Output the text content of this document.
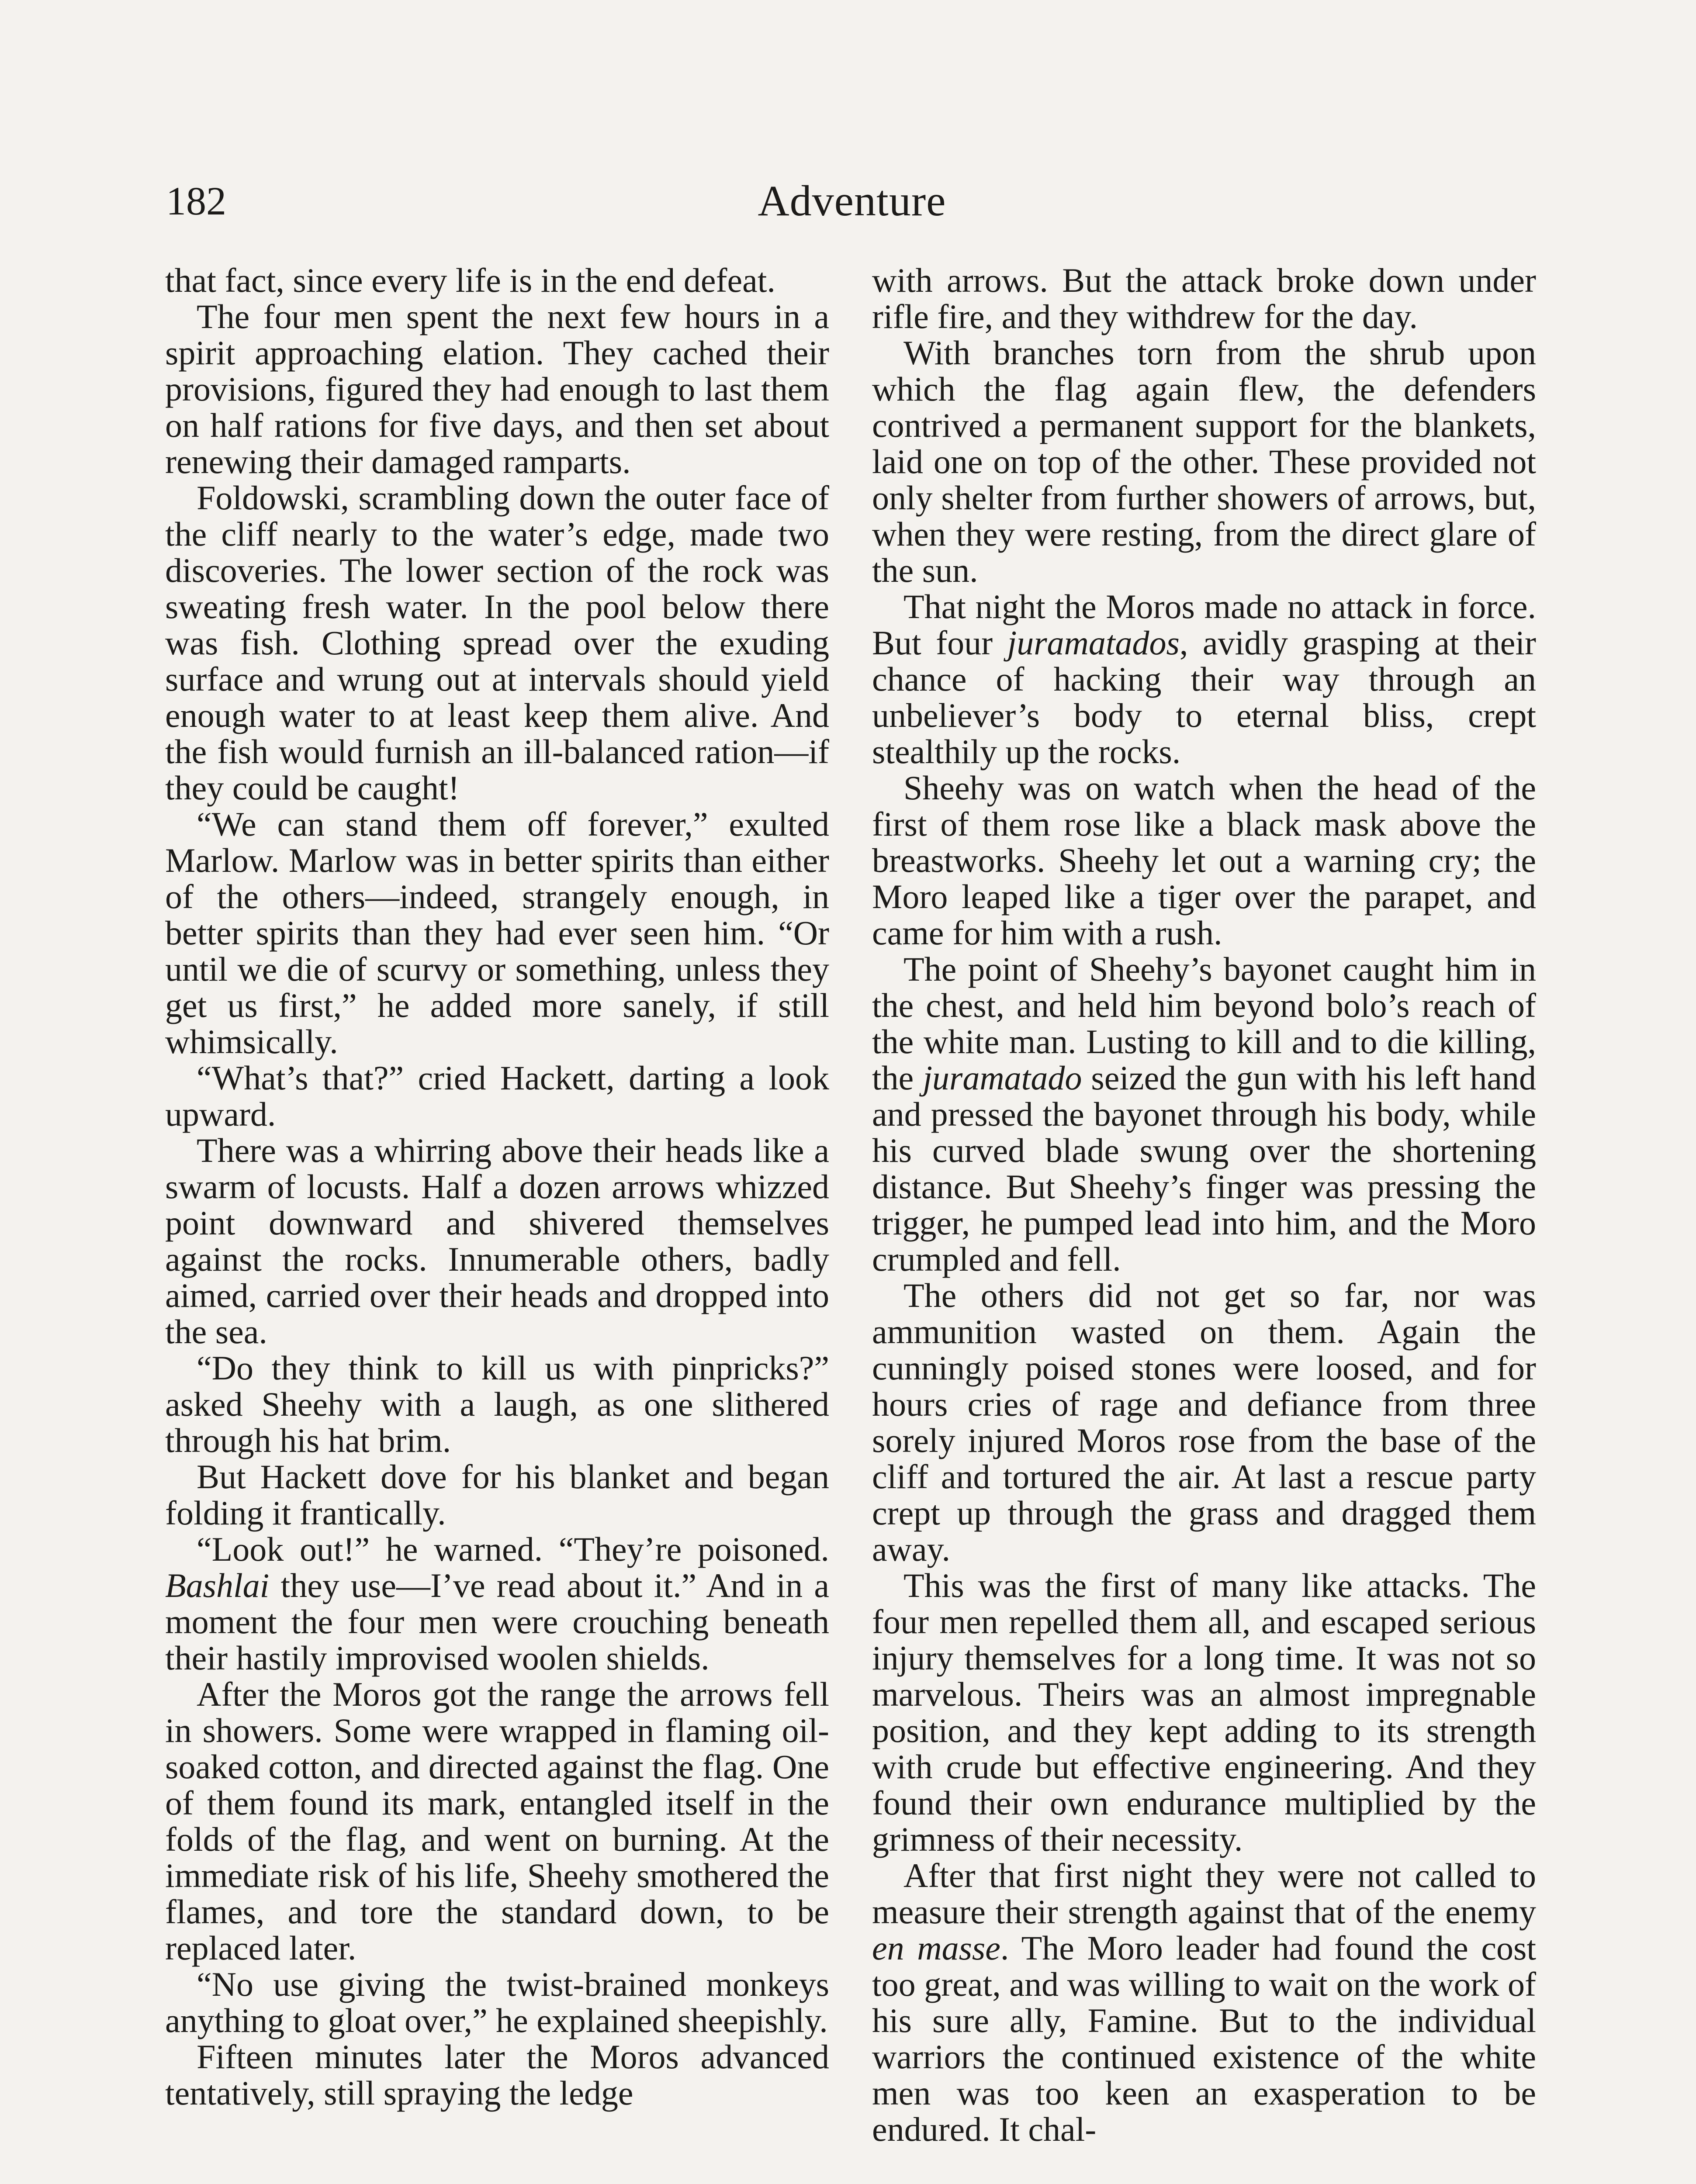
182	Adventure

that fact, since every life is in the end defeat.

The four men spent the next few hours in a spirit approaching elation. They cached their provisions, figured they had enough to last them on half rations for five days, and then set about renewing their damaged ramparts.

Foldowski, scrambling down the outer face of the cliff nearly to the water’s edge, made two discoveries. The lower section of the rock was sweating fresh water. In the pool below there was fish. Clothing spread over the exuding surface and wrung out at intervals should yield enough water to at least keep them alive. And the fish would furnish an ill-balanced ration—if they could be caught!

“We can stand them off forever,” exulted Marlow. Marlow was in better spirits than either of the others—indeed, strangely enough, in better spirits than they had ever seen him. “Or until we die of scurvy or something, unless they get us first,” he added more sanely, if still whimsically.

“What’s that?” cried Hackett, darting a look upward.

There was a whirring above their heads like a swarm of locusts. Half a dozen arrows whizzed point downward and shivered themselves against the rocks. Innumerable others, badly aimed, carried over their heads and dropped into the sea.

“Do they think to kill us with pinpricks?” asked Sheehy with a laugh, as one slithered through his hat brim.

But Hackett dove for his blanket and began folding it frantically.

“Look out!” he warned. “They’re poisoned. Bashlai they use—I’ve read about it.” And in a moment the four men were crouching beneath their hastily improvised woolen shields.

After the Moros got the range the arrows fell in showers. Some were wrapped in flaming oil-soaked cotton, and directed against the flag. One of them found its mark, entangled itself in the folds of the flag, and went on burning. At the immediate risk of his life, Sheehy smothered the flames, and tore the standard down, to be replaced later.

“No use giving the twist-brained monkeys anything to gloat over,” he explained sheepishly.

Fifteen minutes later the Moros advanced tentatively, still spraying the ledge

with arrows. But the attack broke down under rifle fire, and they withdrew for the day.

With branches torn from the shrub upon which the flag again flew, the defenders contrived a permanent support for the blankets, laid one on top of the other. These provided not only shelter from further showers of arrows, but, when they were resting, from the direct glare of the sun.

That night the Moros made no attack in force. But four juramatados, avidly grasping at their chance of hacking their way through an unbeliever’s body to eternal bliss, crept stealthily up the rocks.

Sheehy was on watch when the head of the first of them rose like a black mask above the breastworks. Sheehy let out a warning cry; the Moro leaped like a tiger over the parapet, and came for him with a rush.

The point of Sheehy’s bayonet caught him in the chest, and held him beyond bolo’s reach of the white man. Lusting to kill and to die killing, the juramatado seized the gun with his left hand and pressed the bayonet through his body, while his curved blade swung over the shortening distance. But Sheehy’s finger was pressing the trigger, he pumped lead into him, and the Moro crumpled and fell.

The others did not get so far, nor was ammunition wasted on them. Again the cunningly poised stones were loosed, and for hours cries of rage and defiance from three sorely injured Moros rose from the base of the cliff and tortured the air. At last a rescue party crept up through the grass and dragged them away.

This was the first of many like attacks. The four men repelled them all, and escaped serious injury themselves for a long time. It was not so marvelous. Theirs was an almost impregnable position, and they kept adding to its strength with crude but effective engineering. And they found their own endurance multiplied by the grimness of their necessity.

After that first night they were not called to measure their strength against that of the enemy en masse. The Moro leader had found the cost too great, and was willing to wait on the work of his sure ally, Famine. But to the individual warriors the continued existence of the white men was too keen an exasperation to be endured. It chal-
